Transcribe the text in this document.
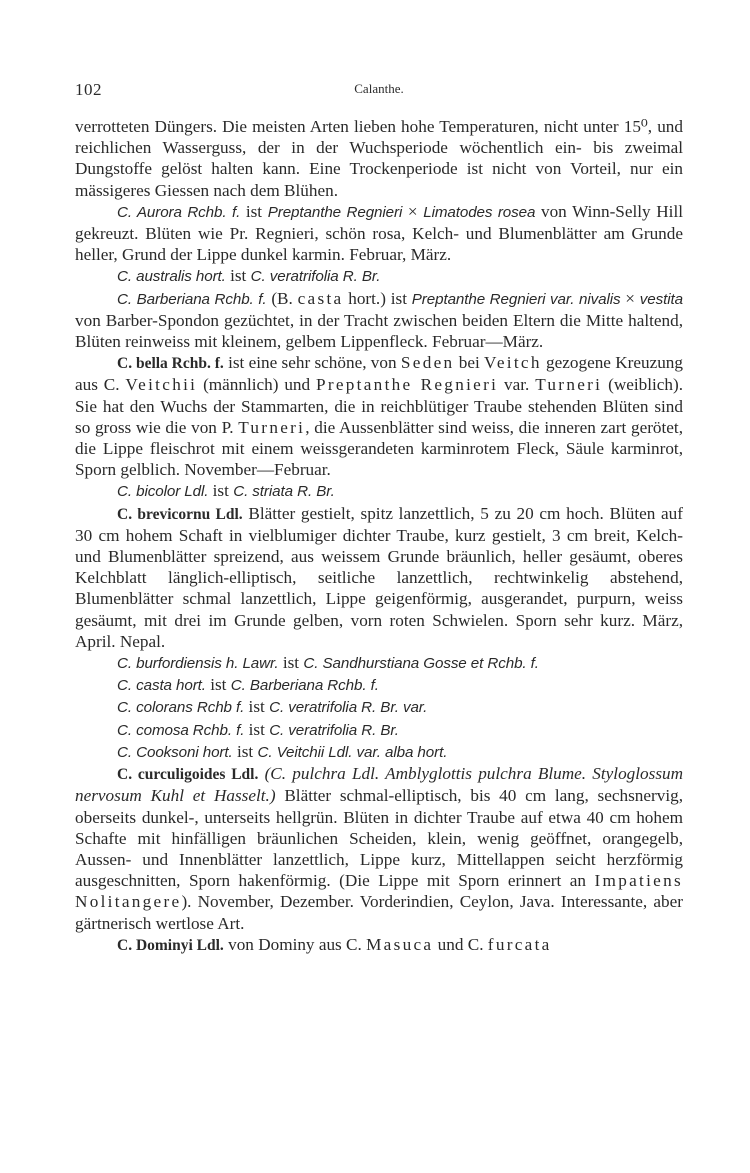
102	Calanthe.

verrotteten Düngers. Die meisten Arten lieben hohe Temperaturen, nicht unter 15⁰, und reichlichen Wasserguss, der in der Wuchsperiode wöchentlich ein- bis zweimal Dungstoffe gelöst halten kann. Eine Trockenperiode ist nicht von Vorteil, nur ein mässigeres Giessen nach dem Blühen.

C. Aurora Rchb. f. ist Preptanthe Regnieri × Limatodes rosea von Winn-Selly Hill gekreuzt. Blüten wie Pr. Regnieri, schön rosa, Kelch- und Blumenblätter am Grunde heller, Grund der Lippe dunkel karmin. Februar, März.

C. australis hort. ist C. veratrifolia R. Br.

C. Barberiana Rchb. f. (B. casta hort.) ist Preptanthe Regnieri var. nivalis × vestita von Barber-Spondon gezüchtet, in der Tracht zwischen beiden Eltern die Mitte haltend, Blüten reinweiss mit kleinem, gelbem Lippenfleck. Februar—März.

C. bella Rchb. f. ist eine sehr schöne, von Seden bei Veitch gezogene Kreuzung aus C. Veitchii (männlich) und Preptanthe Regnieri var. Turneri (weiblich). Sie hat den Wuchs der Stammarten, die in reichblütiger Traube stehenden Blüten sind so gross wie die von P. Turneri, die Aussenblätter sind weiss, die inneren zart gerötet, die Lippe fleischrot mit einem weissgerandeten karminrotem Fleck, Säule karminrot, Sporn gelblich. November—Februar.

C. bicolor Ldl. ist C. striata R. Br.

C. brevicornu Ldl. Blätter gestielt, spitz lanzettlich, 5 zu 20 cm hoch. Blüten auf 30 cm hohem Schaft in vielblumiger dichter Traube, kurz gestielt, 3 cm breit, Kelch- und Blumenblätter spreizend, aus weissem Grunde bräunlich, heller gesäumt, oberes Kelchblatt länglich-elliptisch, seitliche lanzettlich, rechtwinkelig abstehend, Blumenblätter schmal lanzettlich, Lippe geigenförmig, ausgerandet, purpurn, weiss gesäumt, mit drei im Grunde gelben, vorn roten Schwielen. Sporn sehr kurz. März, April. Nepal.

C. burfordiensis h. Lawr. ist C. Sandhurstiana Gosse et Rchb. f.

C. casta hort. ist C. Barberiana Rchb. f.

C. colorans Rchb f. ist C. veratrifolia R. Br. var.

C. comosa Rchb. f. ist C. veratrifolia R. Br.

C. Cooksoni hort. ist C. Veitchii Ldl. var. alba hort.

C. curculigoides Ldl. (C. pulchra Ldl. Amblyglottis pulchra Blume. Styloglossum nervosum Kuhl et Hasselt.) Blätter schmal-elliptisch, bis 40 cm lang, sechsnervig, oberseits dunkel-, unterseits hellgrün. Blüten in dichter Traube auf etwa 40 cm hohem Schafte mit hinfälligen bräunlichen Scheiden, klein, wenig geöffnet, orangegelb, Aussen- und Innenblätter lanzettlich, Lippe kurz, Mittellappen seicht herzförmig ausgeschnitten, Sporn hakenförmig. (Die Lippe mit Sporn erinnert an Impatiens Nolitangere). November, Dezember. Vorderindien, Ceylon, Java. Interessante, aber gärtnerisch wertlose Art.

C. Dominyi Ldl. von Dominy aus C. Masuca und C. furcata
